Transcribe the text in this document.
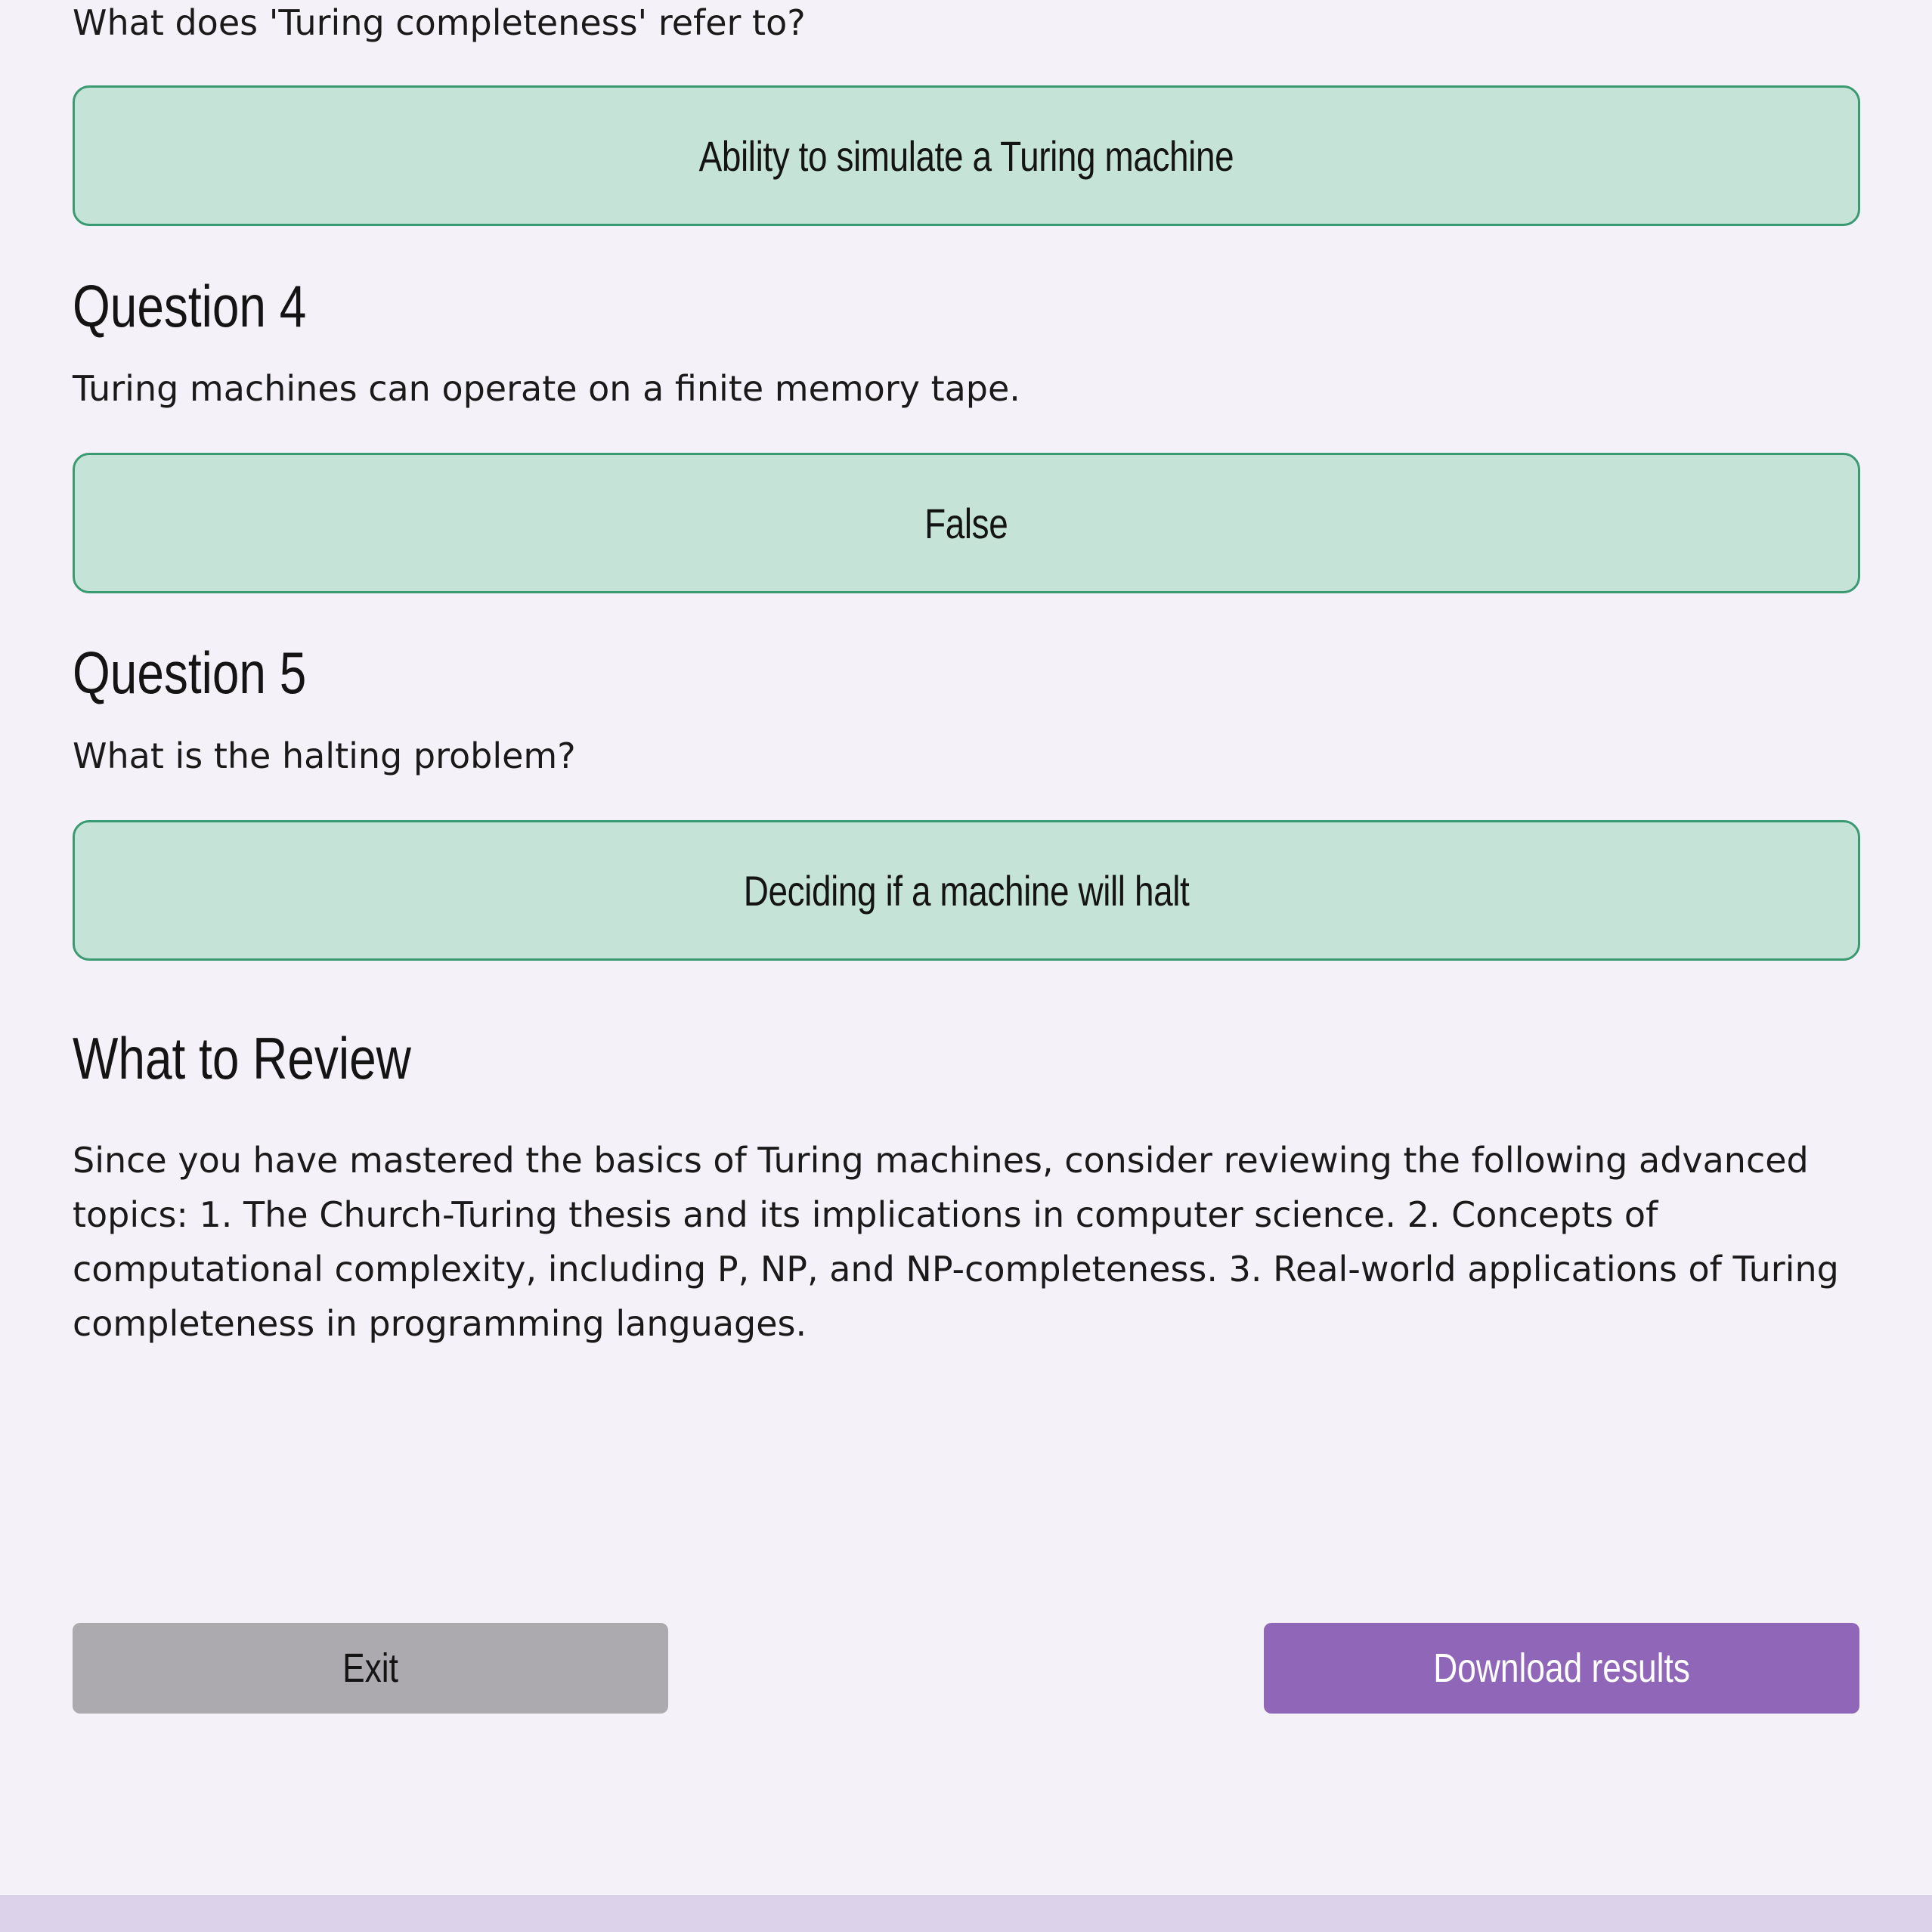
What does 'Turing completeness' refer to?
Ability to simulate a Turing machine
Question 4
Turing machines can operate on a finite memory tape.
False
Question 5
What is the halting problem?
Deciding if a machine will halt
What to Review

Since you have mastered the basics of Turing machines, consider reviewing the following advanced topics: 1. The Church-Turing thesis and its implications in computer science. 2. Concepts of computational complexity, including P, NP, and NP-completeness. 3. Real-world applications of Turing completeness in programming languages.

Exit	Download results
